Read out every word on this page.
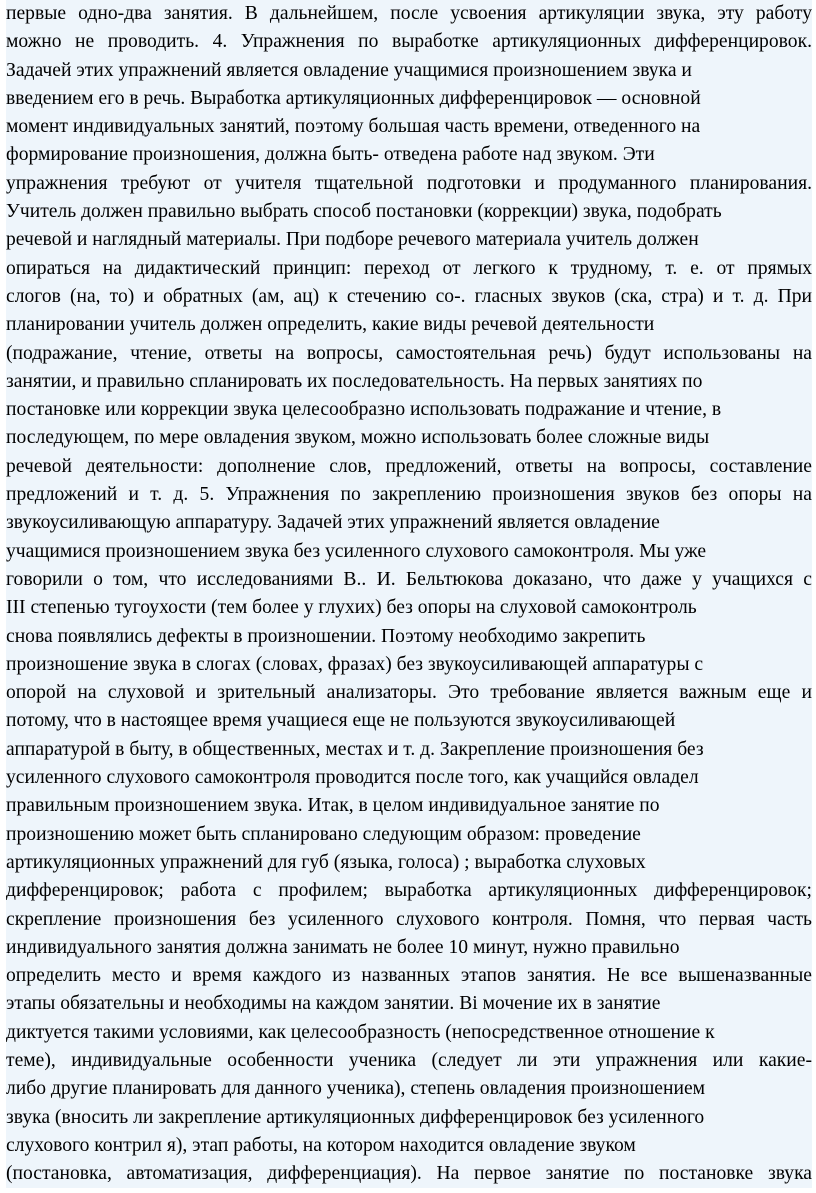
первые одно-два занятия. В дальнейшем, после усвоения артикуляции звука, эту работу
можно не проводить. 4. Упражнения по выработке артикуляционных дифференцировок.
Задачей этих упражнений является овладение учащимися произношением звука и
введением его в речь. Выработка артикуляционных дифференцировок — основной
момент индивидуальных занятий, поэтому большая часть времени, отведенного на
формирование произношения, должна быть- отведена работе над звуком. Эти
упражнения требуют от учителя тщательной подготовки и продуманного планирования.
Учитель должен правильно выбрать способ постановки (коррекции) звука, подобрать
речевой и наглядный материалы. При подборе речевого материала учитель должен
опираться на дидактический принцип: переход от легкого к трудному, т. е. от прямых
слогов (на, то) и обратных (ам, ац) к стечению со-. гласных звуков (ска, стра) и т. д. При
планировании учитель должен определить, какие виды речевой деятельности
(подражание, чтение, ответы на вопросы, самостоятельная речь) будут использованы на
занятии, и правильно спланировать их последовательность. На первых занятиях по
постановке или коррекции звука целесообразно использовать подражание и чтение, в
последующем, по мере овладения звуком, можно использовать более сложные виды
речевой деятельности: дополнение слов, предложений, ответы на вопросы, составление
предложений и т. д. 5. Упражнения по закреплению произношения звуков без опоры на
звукоусиливающую аппаратуру. Задачей этих упражнений является овладение
учащимися произношением звука без усиленного слухового самоконтроля. Мы уже
говорили о том, что исследованиями В.. И. Бельтюкова доказано, что даже у учащихся с
III степенью тугоухости (тем более у глухих) без опоры на слуховой самоконтроль
снова появлялись дефекты в произношении. Поэтому необходимо закрепить
произношение звука в слогах (словах, фразах) без звукоусиливающей аппаратуры с
опорой на слуховой и зрительный анализаторы. Это требование является важным еще и
потому, что в настоящее время учащиеся еще не пользуются звукоусиливающей
аппаратурой в быту, в общественных, местах и т. д. Закрепление произношения без
усиленного слухового самоконтроля проводится после того, как учащийся овладел
правильным произношением звука. Итак, в целом индивидуальное занятие по
произношению может быть спланировано следующим образом: проведение
артикуляционных упражнений для губ (языка, голоса) ; выработка слуховых
дифференцировок; работа с профилем; выработка артикуляционных дифференцировок;
скрепление произношения без усиленного слухового контроля. Помня, что первая часть
индивидуального занятия должна занимать не более 10 минут, нужно правильно
определить место и время каждого из названных этапов занятия. Не все вышеназванные
этапы обязательны и необходимы на каждом занятии. Ві мочение их в занятие
диктуется такими условиями, как целесообразность (непосредственное отношение к
теме), индивидуальные особенности ученика (следует ли эти упражнения или какие-
либо другие планировать для данного ученика), степень овладения произношением
звука (вносить ли закрепление артикуляционных дифференцировок без усиленного
слухового контрил я), этап работы, на котором находится овладение звуком
(постановка, автоматизация, дифференциация). На первое занятие по постановке звука
